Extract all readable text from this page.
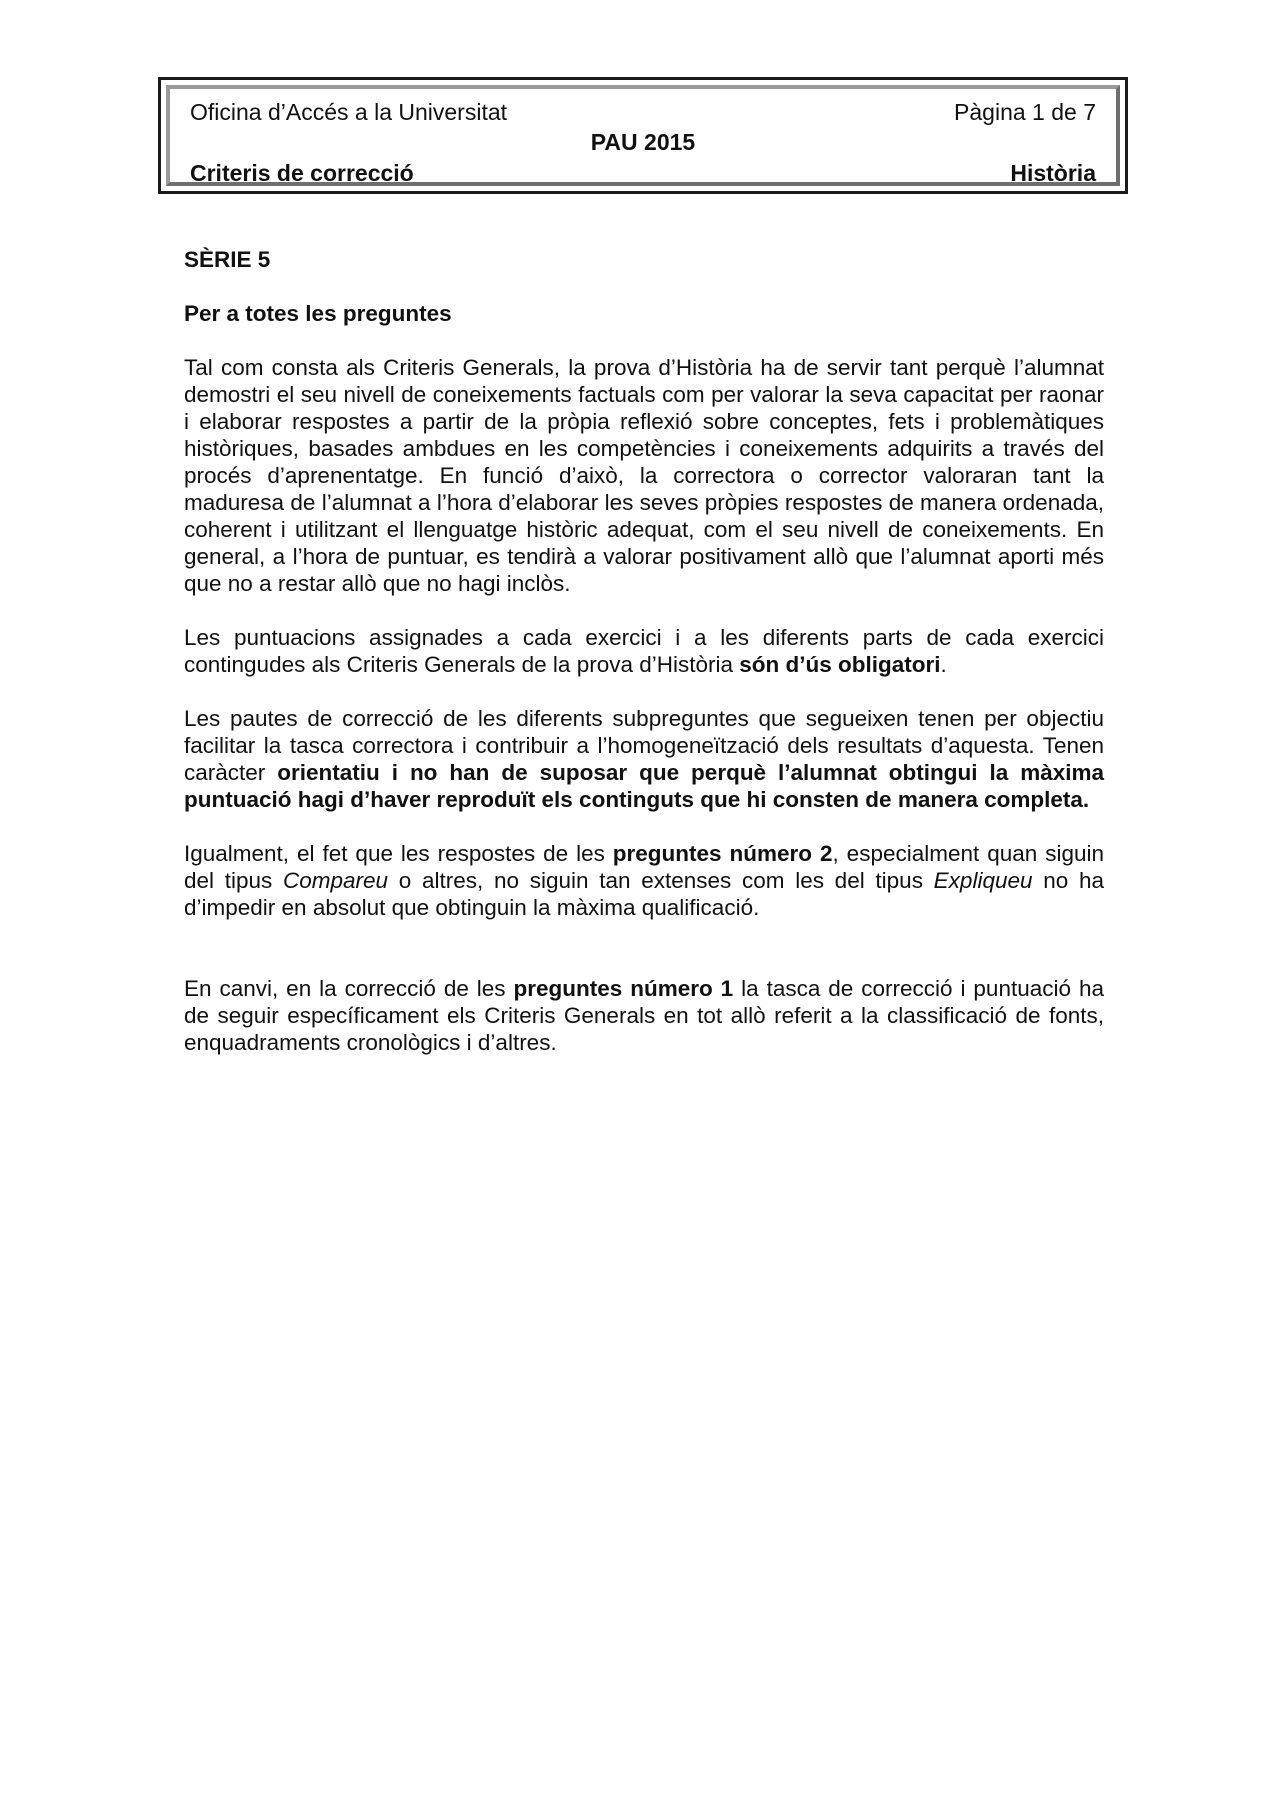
Oficina d’Accés a la Universitat	Pàgina 1 de 7
PAU 2015
Criteris de correcció	Història
SÈRIE 5
Per a totes les preguntes

Tal com consta als Criteris Generals, la prova d’Història ha de servir tant perquè l’alumnat demostri el seu nivell de coneixements factuals com per valorar la seva capacitat per raonar i elaborar respostes a partir de la pròpia reflexió sobre conceptes, fets i problemàtiques històriques, basades ambdues en les competències i coneixements adquirits a través del procés d’aprenentatge. En funció d’això, la correctora o corrector valoraran tant la maduresa de l’alumnat a l’hora d’elaborar les seves pròpies respostes de manera ordenada, coherent i utilitzant el llenguatge històric adequat, com el seu nivell de coneixements. En general, a l’hora de puntuar, es tendirà a valorar positivament allò que l’alumnat aporti més que no a restar allò que no hagi inclòs.

Les puntuacions assignades a cada exercici i a les diferents parts de cada exercici contingudes als Criteris Generals de la prova d’Història són d’ús obligatori.

Les pautes de correcció de les diferents subpreguntes que segueixen tenen per objectiu facilitar la tasca correctora i contribuir a l’homogeneïtzació dels resultats d’aquesta. Tenen caràcter orientatiu i no han de suposar que perquè l’alumnat obtingui la màxima puntuació hagi d’haver reproduït els continguts que hi consten de manera completa.

Igualment, el fet que les respostes de les preguntes número 2, especialment quan siguin del tipus Compareu o altres, no siguin tan extenses com les del tipus Expliqueu no ha d’impedir en absolut que obtinguin la màxima qualificació.

En canvi, en la correcció de les preguntes número 1 la tasca de correcció i puntuació ha de seguir específicament els Criteris Generals en tot allò referit a la classificació de fonts, enquadraments cronològics i d’altres.
